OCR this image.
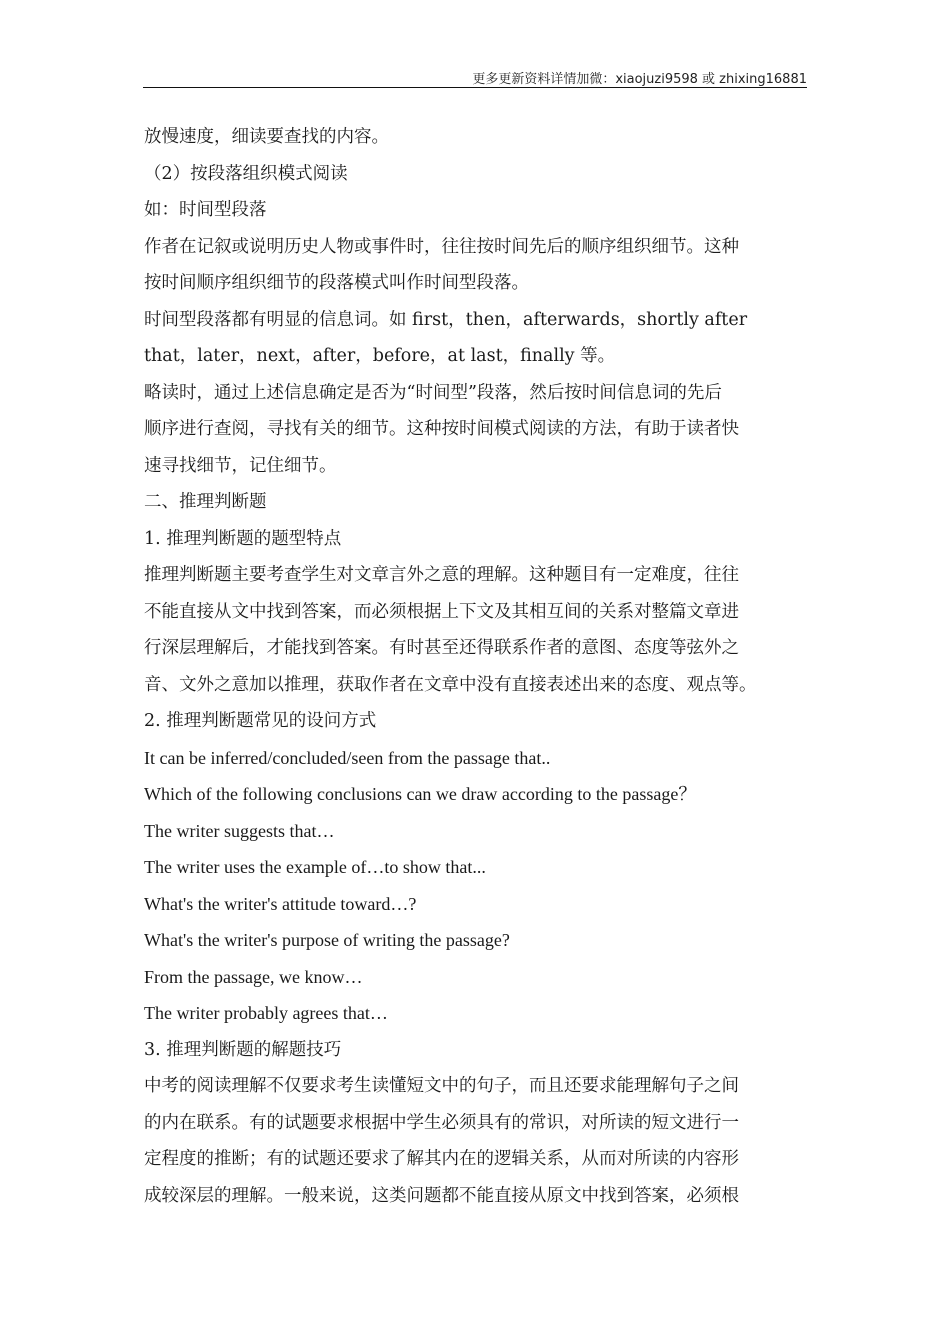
更多更新资料详情加微：xiaojuzi9598 或 zhixing16881
放慢速度，细读要查找的内容。
（2）按段落组织模式阅读
如：时间型段落
作者在记叙或说明历史人物或事件时，往往按时间先后的顺序组织细节。这种
按时间顺序组织细节的段落模式叫作时间型段落。
时间型段落都有明显的信息词。如 first，then，afterwards，shortly after
that，later，next，after，before，at last，finally 等。
略读时，通过上述信息确定是否为“时间型”段落，然后按时间信息词的先后
顺序进行查阅，寻找有关的细节。这种按时间模式阅读的方法，有助于读者快
速寻找细节，记住细节。
二、推理判断题
1. 推理判断题的题型特点
推理判断题主要考查学生对文章言外之意的理解。这种题目有一定难度，往往
不能直接从文中找到答案，而必须根据上下文及其相互间的关系对整篇文章进
行深层理解后，才能找到答案。有时甚至还得联系作者的意图、态度等弦外之
音、文外之意加以推理，获取作者在文章中没有直接表述出来的态度、观点等。
2. 推理判断题常见的设问方式
It can be inferred/concluded/seen from the passage that..
Which of the following conclusions can we draw according to the passage？
The writer suggests that…
The writer uses the example of…to show that...
What's the writer's attitude toward…?
What's the writer's purpose of writing the passage?
From the passage, we know…
The writer probably agrees that…
3. 推理判断题的解题技巧
中考的阅读理解不仅要求考生读懂短文中的句子，而且还要求能理解句子之间
的内在联系。有的试题要求根据中学生必须具有的常识，对所读的短文进行一
定程度的推断；有的试题还要求了解其内在的逻辑关系，从而对所读的内容形
成较深层的理解。一般来说，这类问题都不能直接从原文中找到答案，必须根
